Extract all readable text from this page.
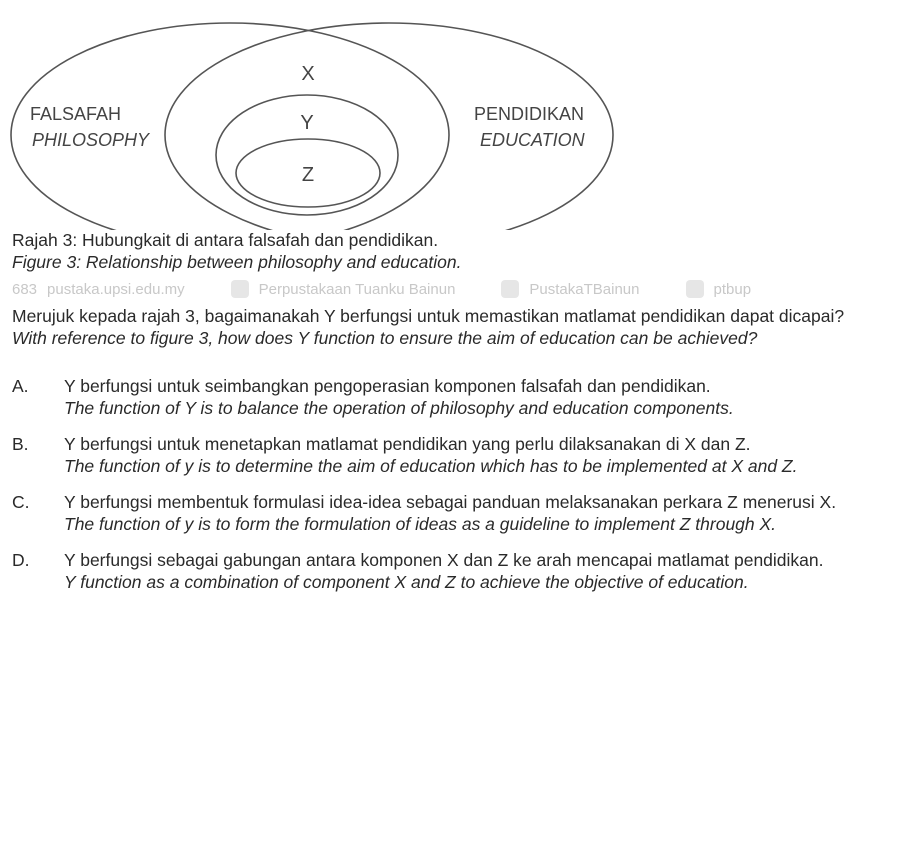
X
Y
Z
FALSAFAH
PHILOSOPHY
PENDIDIKAN
EDUCATION
Rajah 3: Hubungkait di antara falsafah dan pendidikan.
Figure 3: Relationship between philosophy and education.
683 pustaka.upsi.edu.my	Perpustakaan Tuanku Bainun	PustakaTBainun	ptbup
Merujuk kepada rajah 3, bagaimanakah Y berfungsi untuk memastikan matlamat pendidikan dapat dicapai?
With reference to figure 3, how does Y function to ensure the aim of education can be achieved?
A. Y berfungsi untuk seimbangkan pengoperasian komponen falsafah dan pendidikan.
The function of Y is to balance the operation of philosophy and education components.
B. Y berfungsi untuk menetapkan matlamat pendidikan yang perlu dilaksanakan di X dan Z.
The function of y is to determine the aim of education which has to be implemented at X and Z.
C. Y berfungsi membentuk formulasi idea-idea sebagai panduan melaksanakan perkara Z menerusi X.
The function of y is to form the formulation of ideas as a guideline to implement Z through X.
D. Y berfungsi sebagai gabungan antara komponen X dan Z ke arah mencapai matlamat pendidikan.
Y function as a combination of component X and Z to achieve the objective of education.
